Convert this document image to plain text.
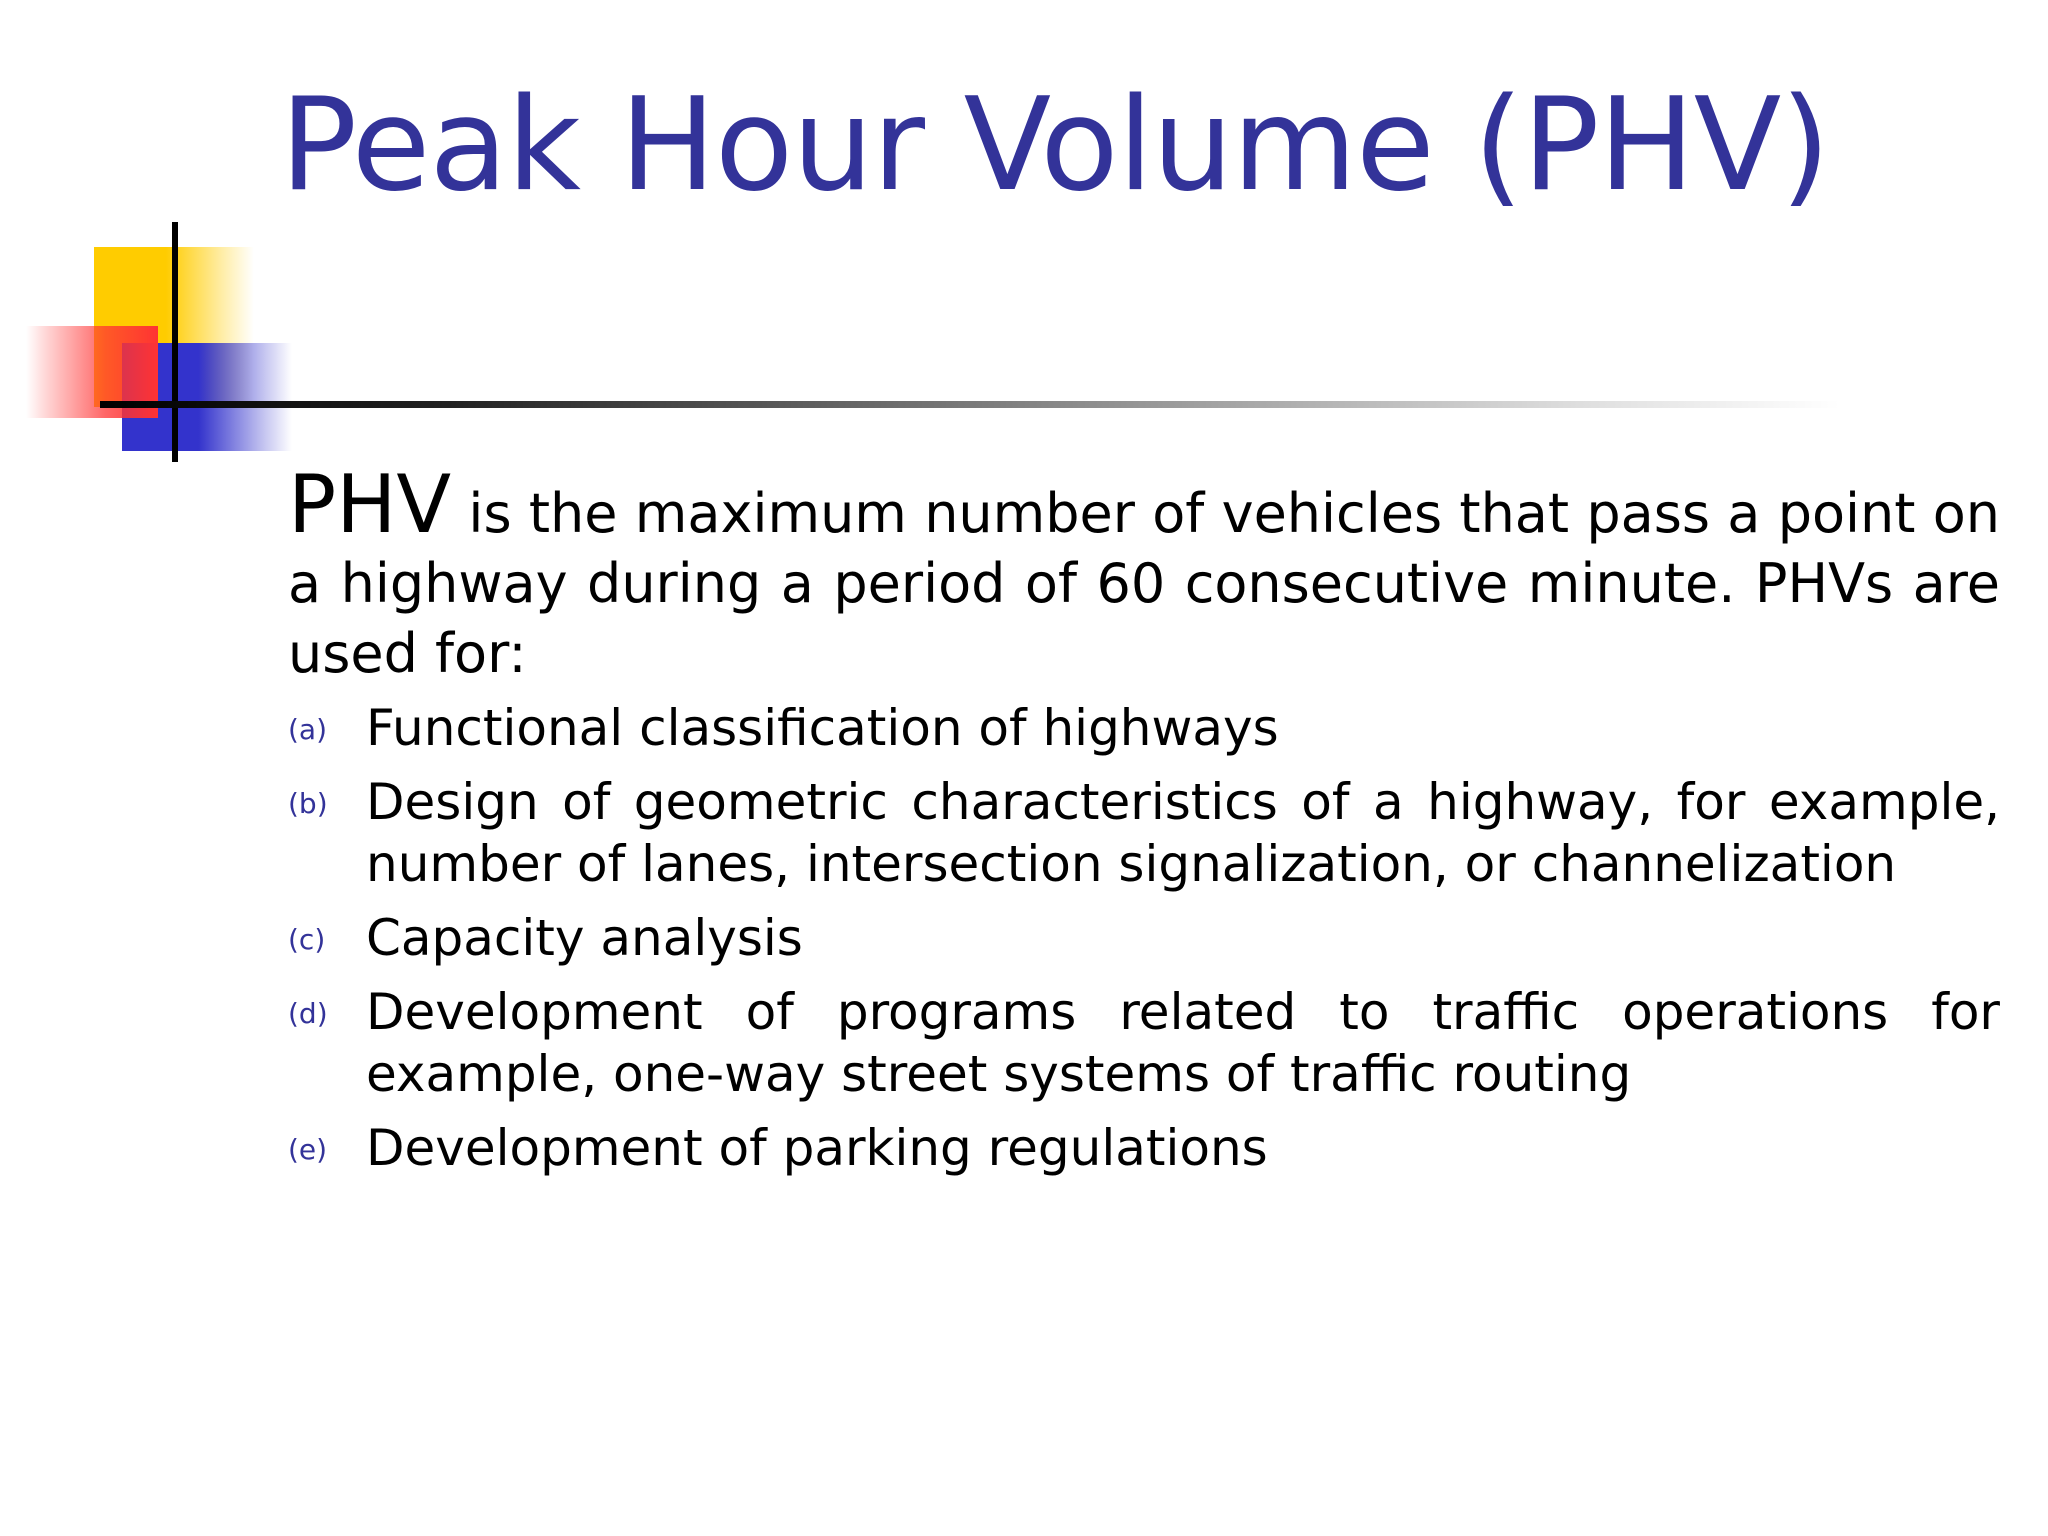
Peak Hour Volume (PHV)

PHV is the maximum number of vehicles that pass a point on a highway during a period of 60 consecutive minute. PHVs are used for:

(a) Functional classification of highways
(b) Design of geometric characteristics of a highway, for example, number of lanes, intersection signalization, or channelization
(c) Capacity analysis
(d) Development of programs related to traffic operations for example, one-way street systems of traffic routing
(e) Development of parking regulations
